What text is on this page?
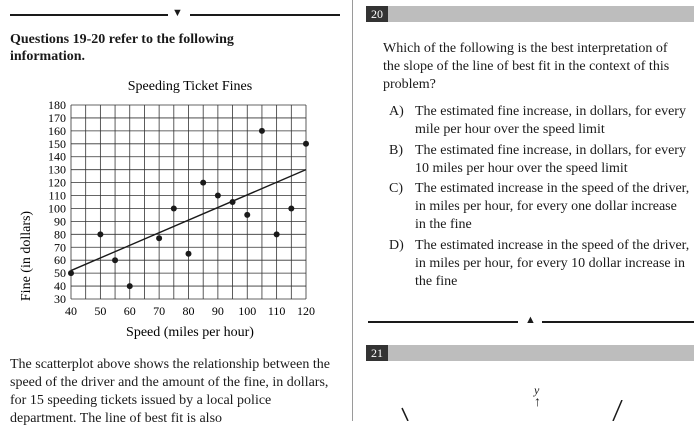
▼
Questions 19-20 refer to the following information.
Speeding Ticket Fines
Fine (in dollars)
Speed (miles per hour)
30
40
50
60
70
80
90
100
110
120
130
140
150
160
170
180
40 50 60 70 80 90 100 110 120
The scatterplot above shows the relationship between the speed of the driver and the amount of the fine, in dollars, for 15 speeding tickets issued by a local police department. The line of best fit is also
20
Which of the following is the best interpretation of the slope of the line of best fit in the context of this problem?
A) The estimated fine increase, in dollars, for every mile per hour over the speed limit
B) The estimated fine increase, in dollars, for every 10 miles per hour over the speed limit
C) The estimated increase in the speed of the driver, in miles per hour, for every one dollar increase in the fine
D) The estimated increase in the speed of the driver, in miles per hour, for every 10 dollar increase in the fine
▲
21
y
↑
